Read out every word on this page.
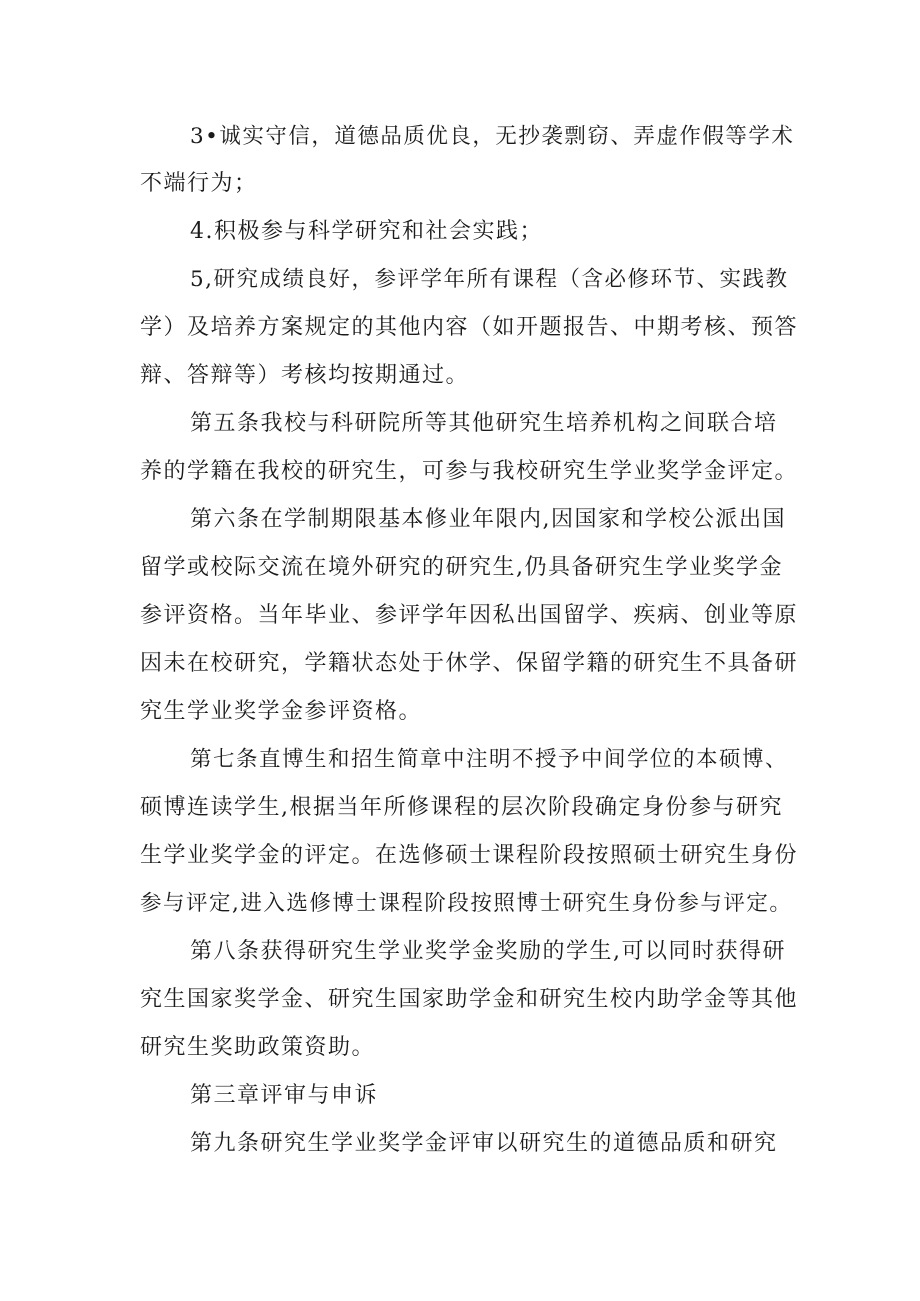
3•诚实守信，道德品质优良，无抄袭剽窃、弄虚作假等学术
不端行为；
4.积极参与科学研究和社会实践；
5,研究成绩良好，参评学年所有课程（含必修环节、实践教
学）及培养方案规定的其他内容（如开题报告、中期考核、预答
辩、答辩等）考核均按期通过。
第五条我校与科研院所等其他研究生培养机构之间联合培
养的学籍在我校的研究生，可参与我校研究生学业奖学金评定。
第六条在学制期限基本修业年限内,因国家和学校公派出国
留学或校际交流在境外研究的研究生,仍具备研究生学业奖学金
参评资格。当年毕业、参评学年因私出国留学、疾病、创业等原
因未在校研究，学籍状态处于休学、保留学籍的研究生不具备研
究生学业奖学金参评资格。
第七条直博生和招生简章中注明不授予中间学位的本硕博、
硕博连读学生,根据当年所修课程的层次阶段确定身份参与研究
生学业奖学金的评定。在选修硕士课程阶段按照硕士研究生身份
参与评定,进入选修博士课程阶段按照博士研究生身份参与评定。
第八条获得研究生学业奖学金奖励的学生,可以同时获得研
究生国家奖学金、研究生国家助学金和研究生校内助学金等其他
研究生奖助政策资助。
第三章评审与申诉
第九条研究生学业奖学金评审以研究生的道德品质和研究
